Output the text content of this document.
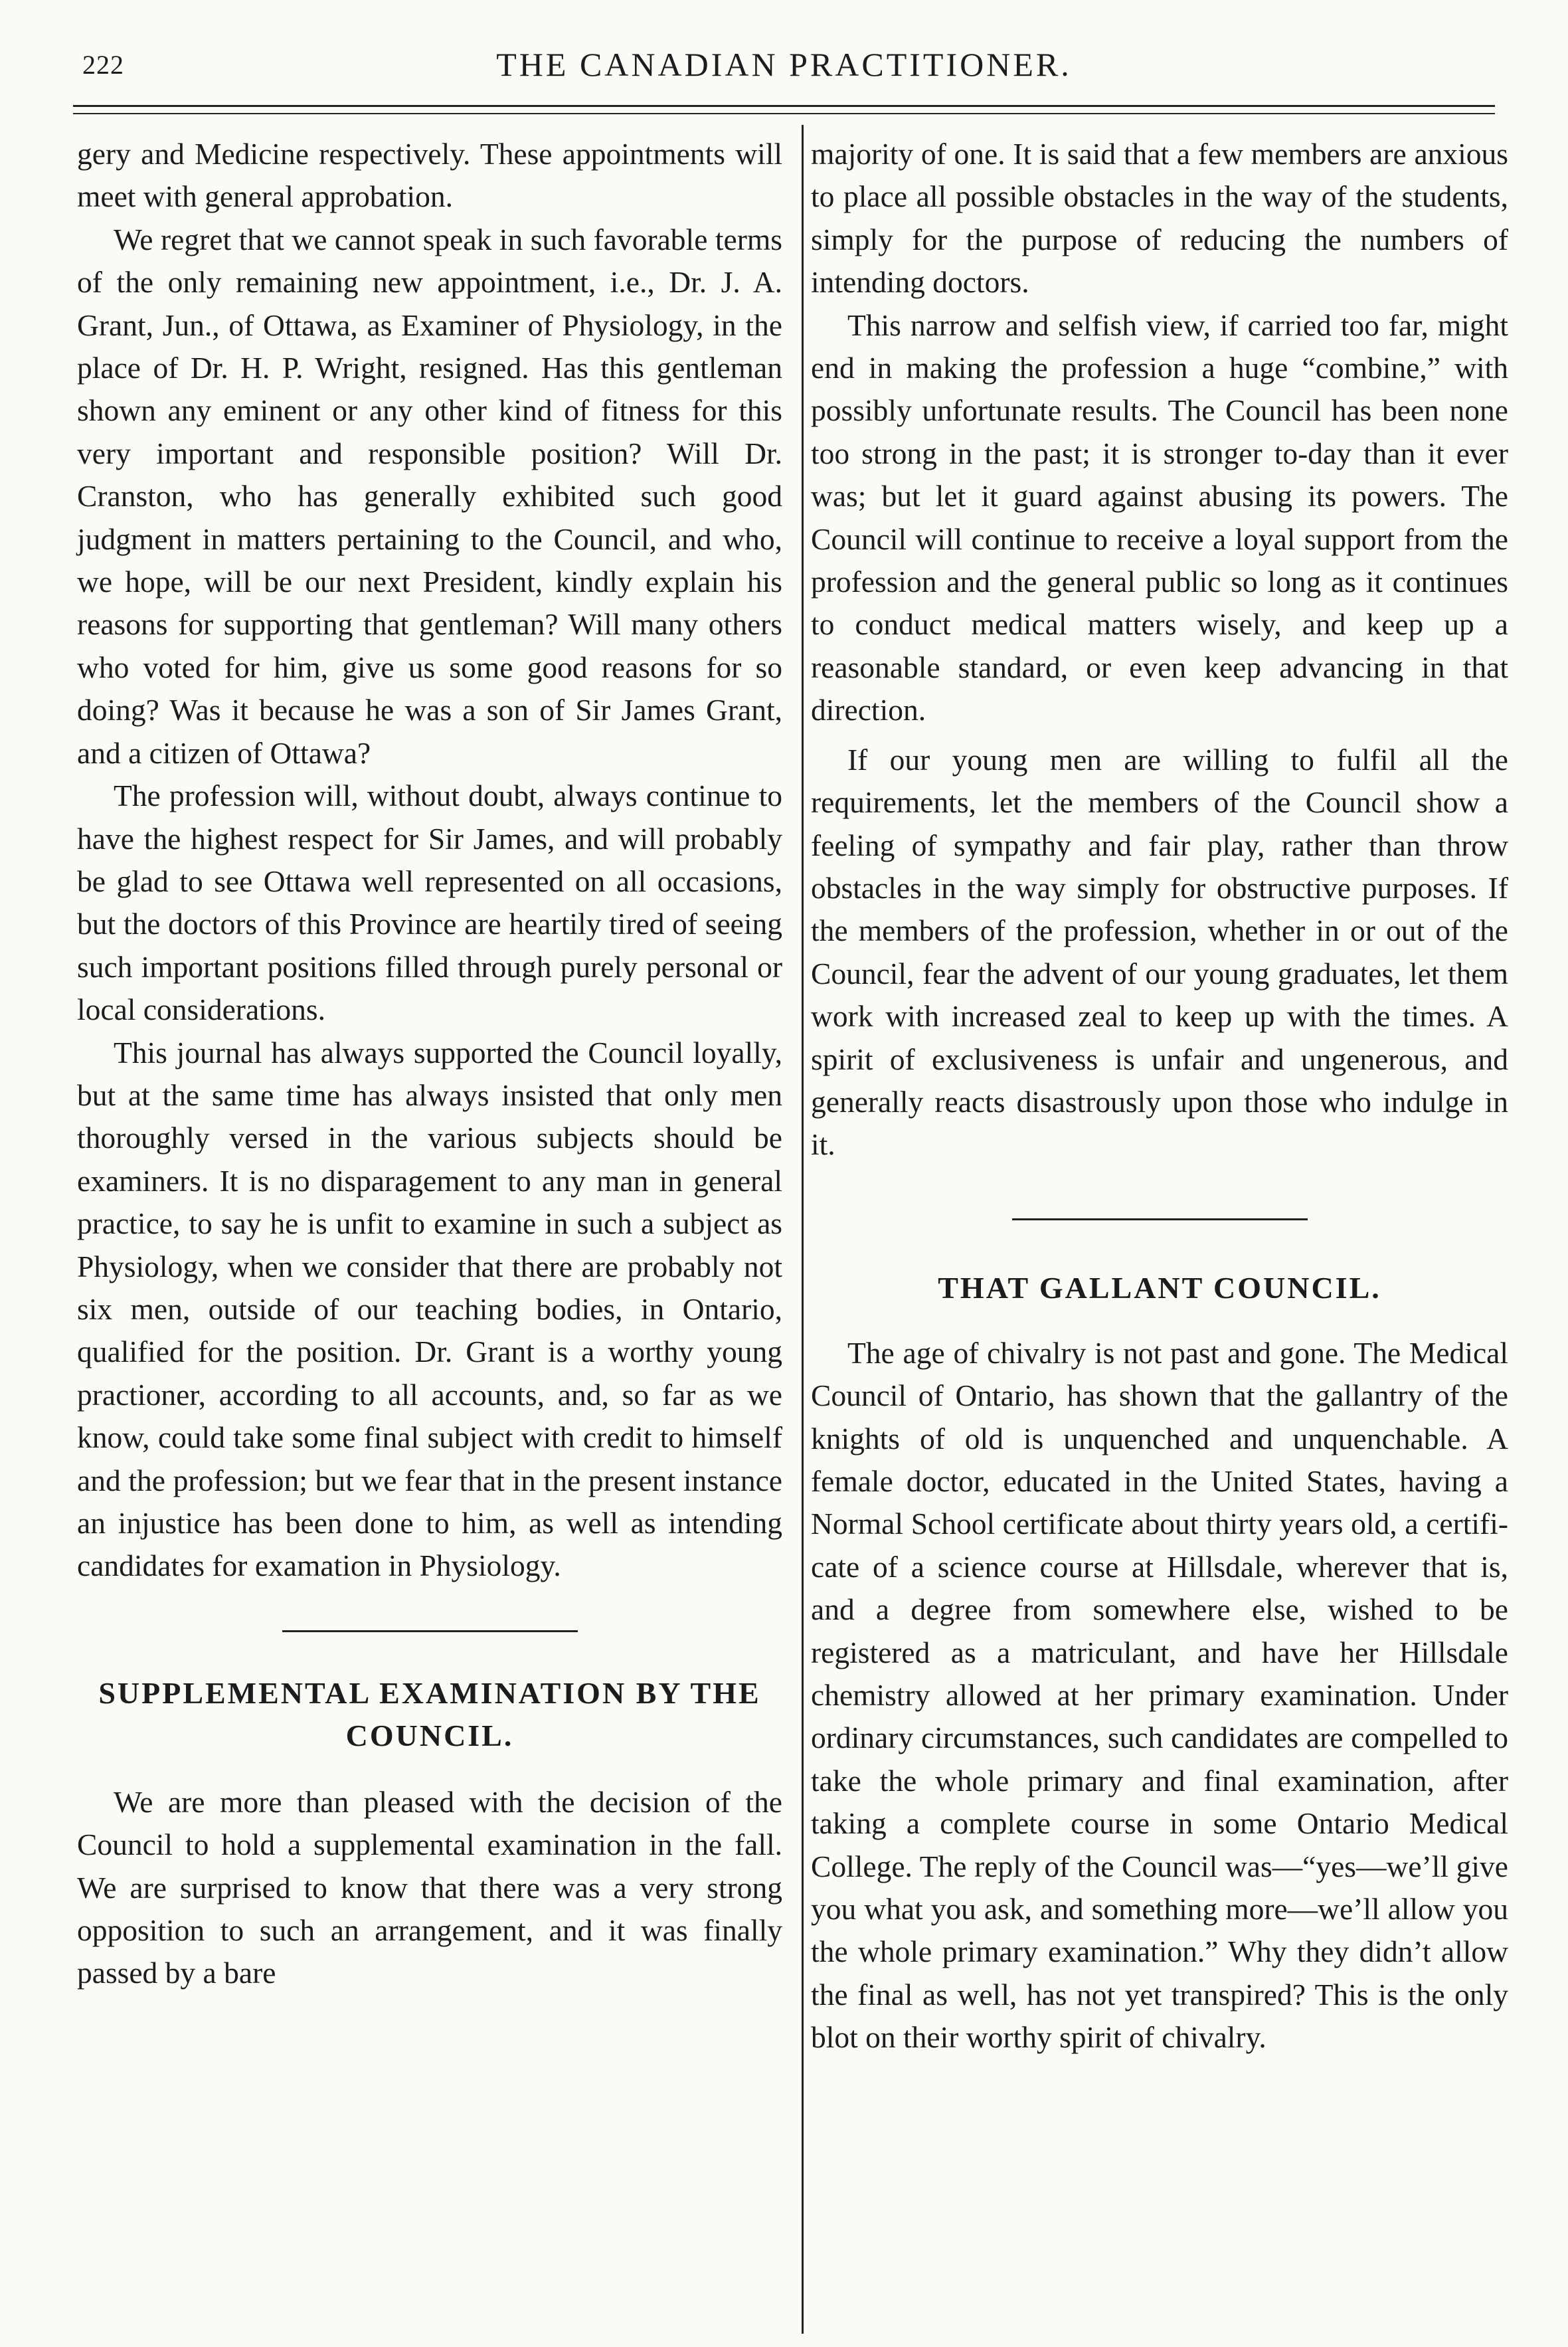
222	THE CANADIAN PRACTITIONER.

gery and Medicine respectively. These appointments will meet with general approbation.

We regret that we cannot speak in such favorable terms of the only remaining new appointment, i.e., Dr. J. A. Grant, Jun., of Ottawa, as Examiner of Physiology, in the place of Dr. H. P. Wright, resigned. Has this gentleman shown any eminent or any other kind of fitness for this very important and responsible position? Will Dr. Cranston, who has generally exhibited such good judgment in matters pertaining to the Council, and who, we hope, will be our next President, kindly explain his reasons for supporting that gentleman? Will many others who voted for him, give us some good reasons for so doing? Was it because he was a son of Sir James Grant, and a citizen of Ottawa?

The profession will, without doubt, always continue to have the highest respect for Sir James, and will probably be glad to see Ottawa well represented on all occasions, but the doctors of this Province are heartily tired of seeing such important positions filled through purely personal or local considerations.

This journal has always supported the Council loyally, but at the same time has always insisted that only men thoroughly versed in the various subjects should be examiners. It is no disparagement to any man in general practice, to say he is unfit to examine in such a subject as Physiology, when we consider that there are probably not six men, outside of our teaching bodies, in Ontario, qualified for the position. Dr. Grant is a worthy young practioner, according to all accounts, and, so far as we know, could take some final subject with credit to himself and the profession; but we fear that in the present instance an injustice has been done to him, as well as intending candidates for examation in Physiology.

SUPPLEMENTAL EXAMINATION BY THE COUNCIL.

We are more than pleased with the decision of the Council to hold a supplemental examination in the fall. We are surprised to know that there was a very strong opposition to such an arrangement, and it was finally passed by a bare

majority of one. It is said that a few members are anxious to place all possible obstacles in the way of the students, simply for the purpose of reducing the numbers of intending doctors.

This narrow and selfish view, if carried too far, might end in making the profession a huge “combine,” with possibly unfortunate results. The Council has been none too strong in the past; it is stronger to-day than it ever was; but let it guard against abusing its powers. The Council will continue to receive a loyal support from the profession and the general public so long as it continues to conduct medical matters wisely, and keep up a reasonable standard, or even keep advancing in that direction.

If our young men are willing to fulfil all the requirements, let the members of the Council show a feeling of sympathy and fair play, rather than throw obstacles in the way simply for obstructive purposes. If the members of the profession, whether in or out of the Council, fear the advent of our young graduates, let them work with increased zeal to keep up with the times. A spirit of exclusiveness is unfair and ungenerous, and generally reacts disastrously upon those who indulge in it.

THAT GALLANT COUNCIL.

The age of chivalry is not past and gone. The Medical Council of Ontario, has shown that the gallantry of the knights of old is unquenched and unquenchable. A female doctor, educated in the United States, having a Normal School certificate about thirty years old, a certificate of a science course at Hillsdale, wherever that is, and a degree from somewhere else, wished to be registered as a matriculant, and have her Hillsdale chemistry allowed at her primary examination. Under ordinary circumstances, such candidates are compelled to take the whole primary and final examination, after taking a complete course in some Ontario Medical College. The reply of the Council was—“yes—we’ll give you what you ask, and something more—we’ll allow you the whole primary examination.” Why they didn’t allow the final as well, has not yet transpired? This is the only blot on their worthy spirit of chivalry.
